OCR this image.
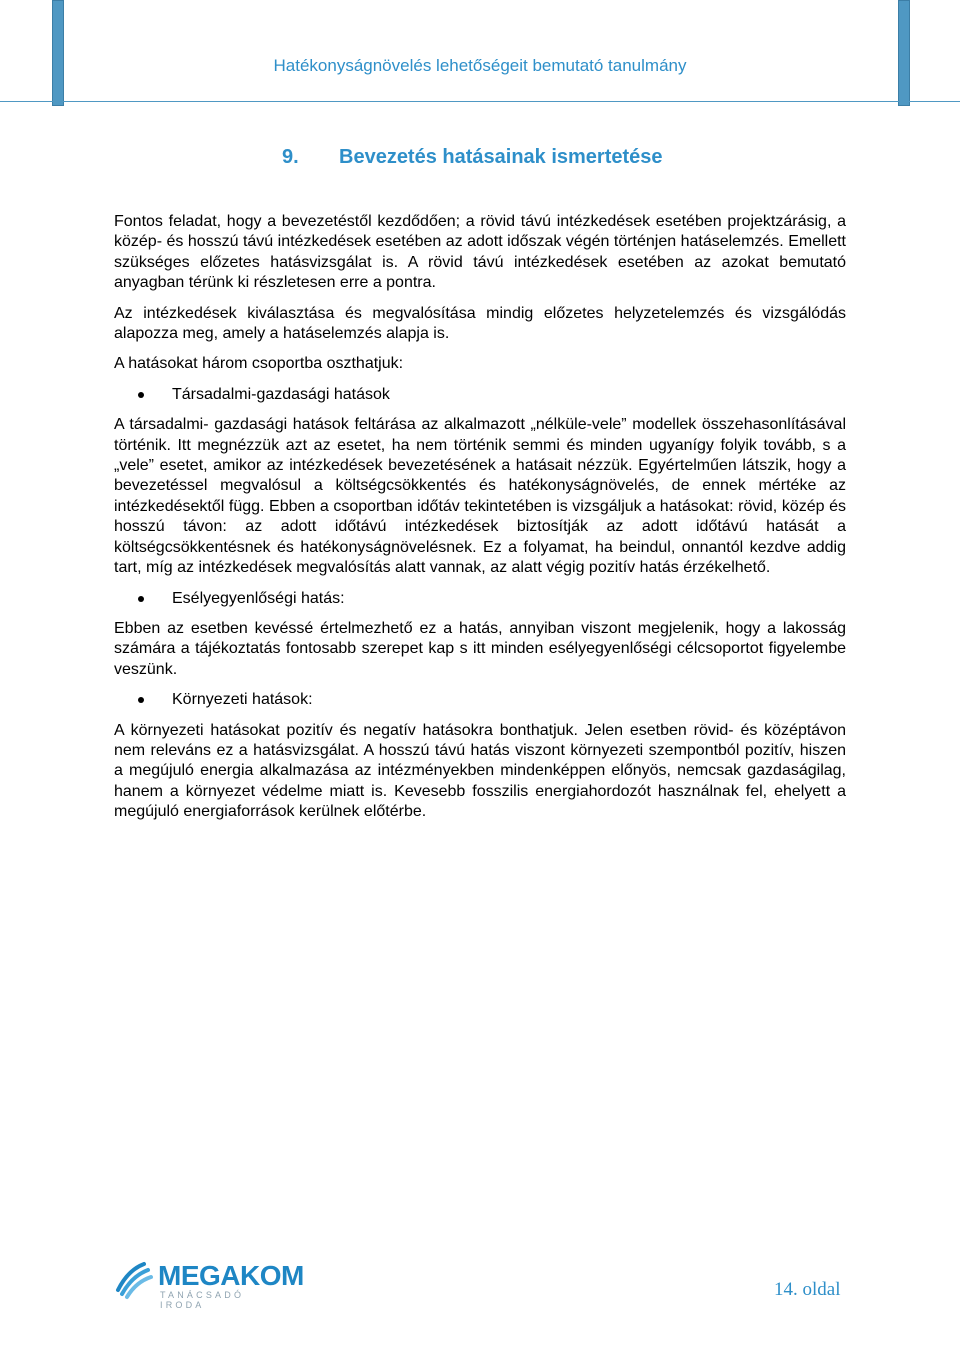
Hatékonyságnövelés lehetőségeit bemutató tanulmány
9. Bevezetés hatásainak ismertetése

Fontos feladat, hogy a bevezetéstől kezdődően; a rövid távú intézkedések esetében projektzárásig, a közép- és hosszú távú intézkedések esetében az adott időszak végén történjen hatáselemzés. Emellett szükséges előzetes hatásvizsgálat is. A rövid távú intézkedések esetében az azokat bemutató anyagban térünk ki részletesen erre a pontra.

Az intézkedések kiválasztása és megvalósítása mindig előzetes helyzetelemzés és vizsgálódás alapozza meg, amely a hatáselemzés alapja is.

A hatásokat három csoportba oszthatjuk:

Társadalmi-gazdasági hatások

A társadalmi- gazdasági hatások feltárása az alkalmazott „nélküle-vele” modellek összehasonlításával történik. Itt megnézzük azt az esetet, ha nem történik semmi és minden ugyanígy folyik tovább, s a „vele” esetet, amikor az intézkedések bevezetésének a hatásait nézzük. Egyértelműen látszik, hogy a bevezetéssel megvalósul a költségcsökkentés és hatékonyságnövelés, de ennek mértéke az intézkedésektől függ. Ebben a csoportban időtáv tekintetében is vizsgáljuk a hatásokat: rövid, közép és hosszú távon: az adott időtávú intézkedések biztosítják az adott időtávú hatását a költségcsökkentésnek és hatékonyságnövelésnek. Ez a folyamat, ha beindul, onnantól kezdve addig tart, míg az intézkedések megvalósítás alatt vannak, az alatt végig pozitív hatás érzékelhető.

Esélyegyenlőségi hatás:

Ebben az esetben kevéssé értelmezhető ez a hatás, annyiban viszont megjelenik, hogy a lakosság számára a tájékoztatás fontosabb szerepet kap s itt minden esélyegyenlőségi célcsoportot figyelembe veszünk.

Környezeti hatások:

A környezeti hatásokat pozitív és negatív hatásokra bonthatjuk. Jelen esetben rövid- és középtávon nem releváns ez a hatásvizsgálat. A hosszú távú hatás viszont környezeti szempontból pozitív, hiszen a megújuló energia alkalmazása az intézményekben mindenképpen előnyös, nemcsak gazdaságilag, hanem a környezet védelme miatt is. Kevesebb fosszilis energiahordozót használnak fel, ehelyett a megújuló energiaforrások kerülnek előtérbe.

MEGAKOM
TANÁCSADÓ IRODA
14. oldal
